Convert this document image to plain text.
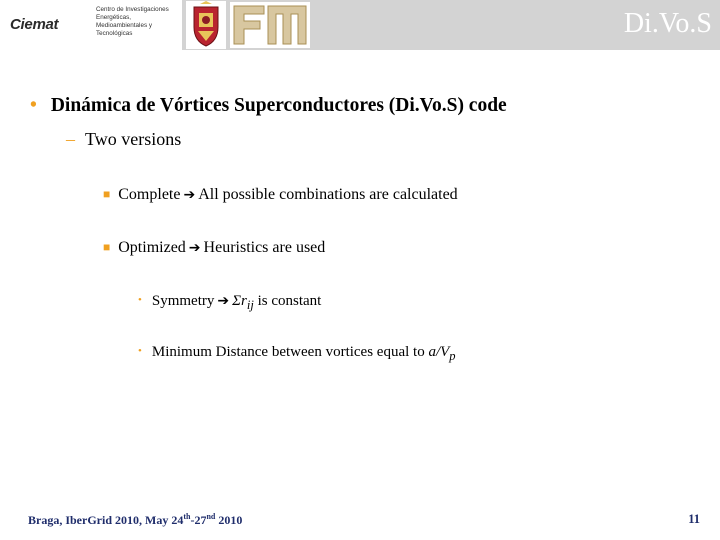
Ciemat
Centro de Investigaciones Energéticas, Medioambientales y Tecnológicas	Di.Vo.S
• Dinámica de Vórtices Superconductores (Di.Vo.S) code
– Two versions
■ Complete ➔ All possible combinations are calculated
■ Optimized ➔ Heuristics are used
• Symmetry ➔ $\Sigma r_{ij}$ is constant
• Minimum Distance between vortices equal to $a/V_p$
Braga, IberGrid 2010, May 24th-27nd 2010	11
